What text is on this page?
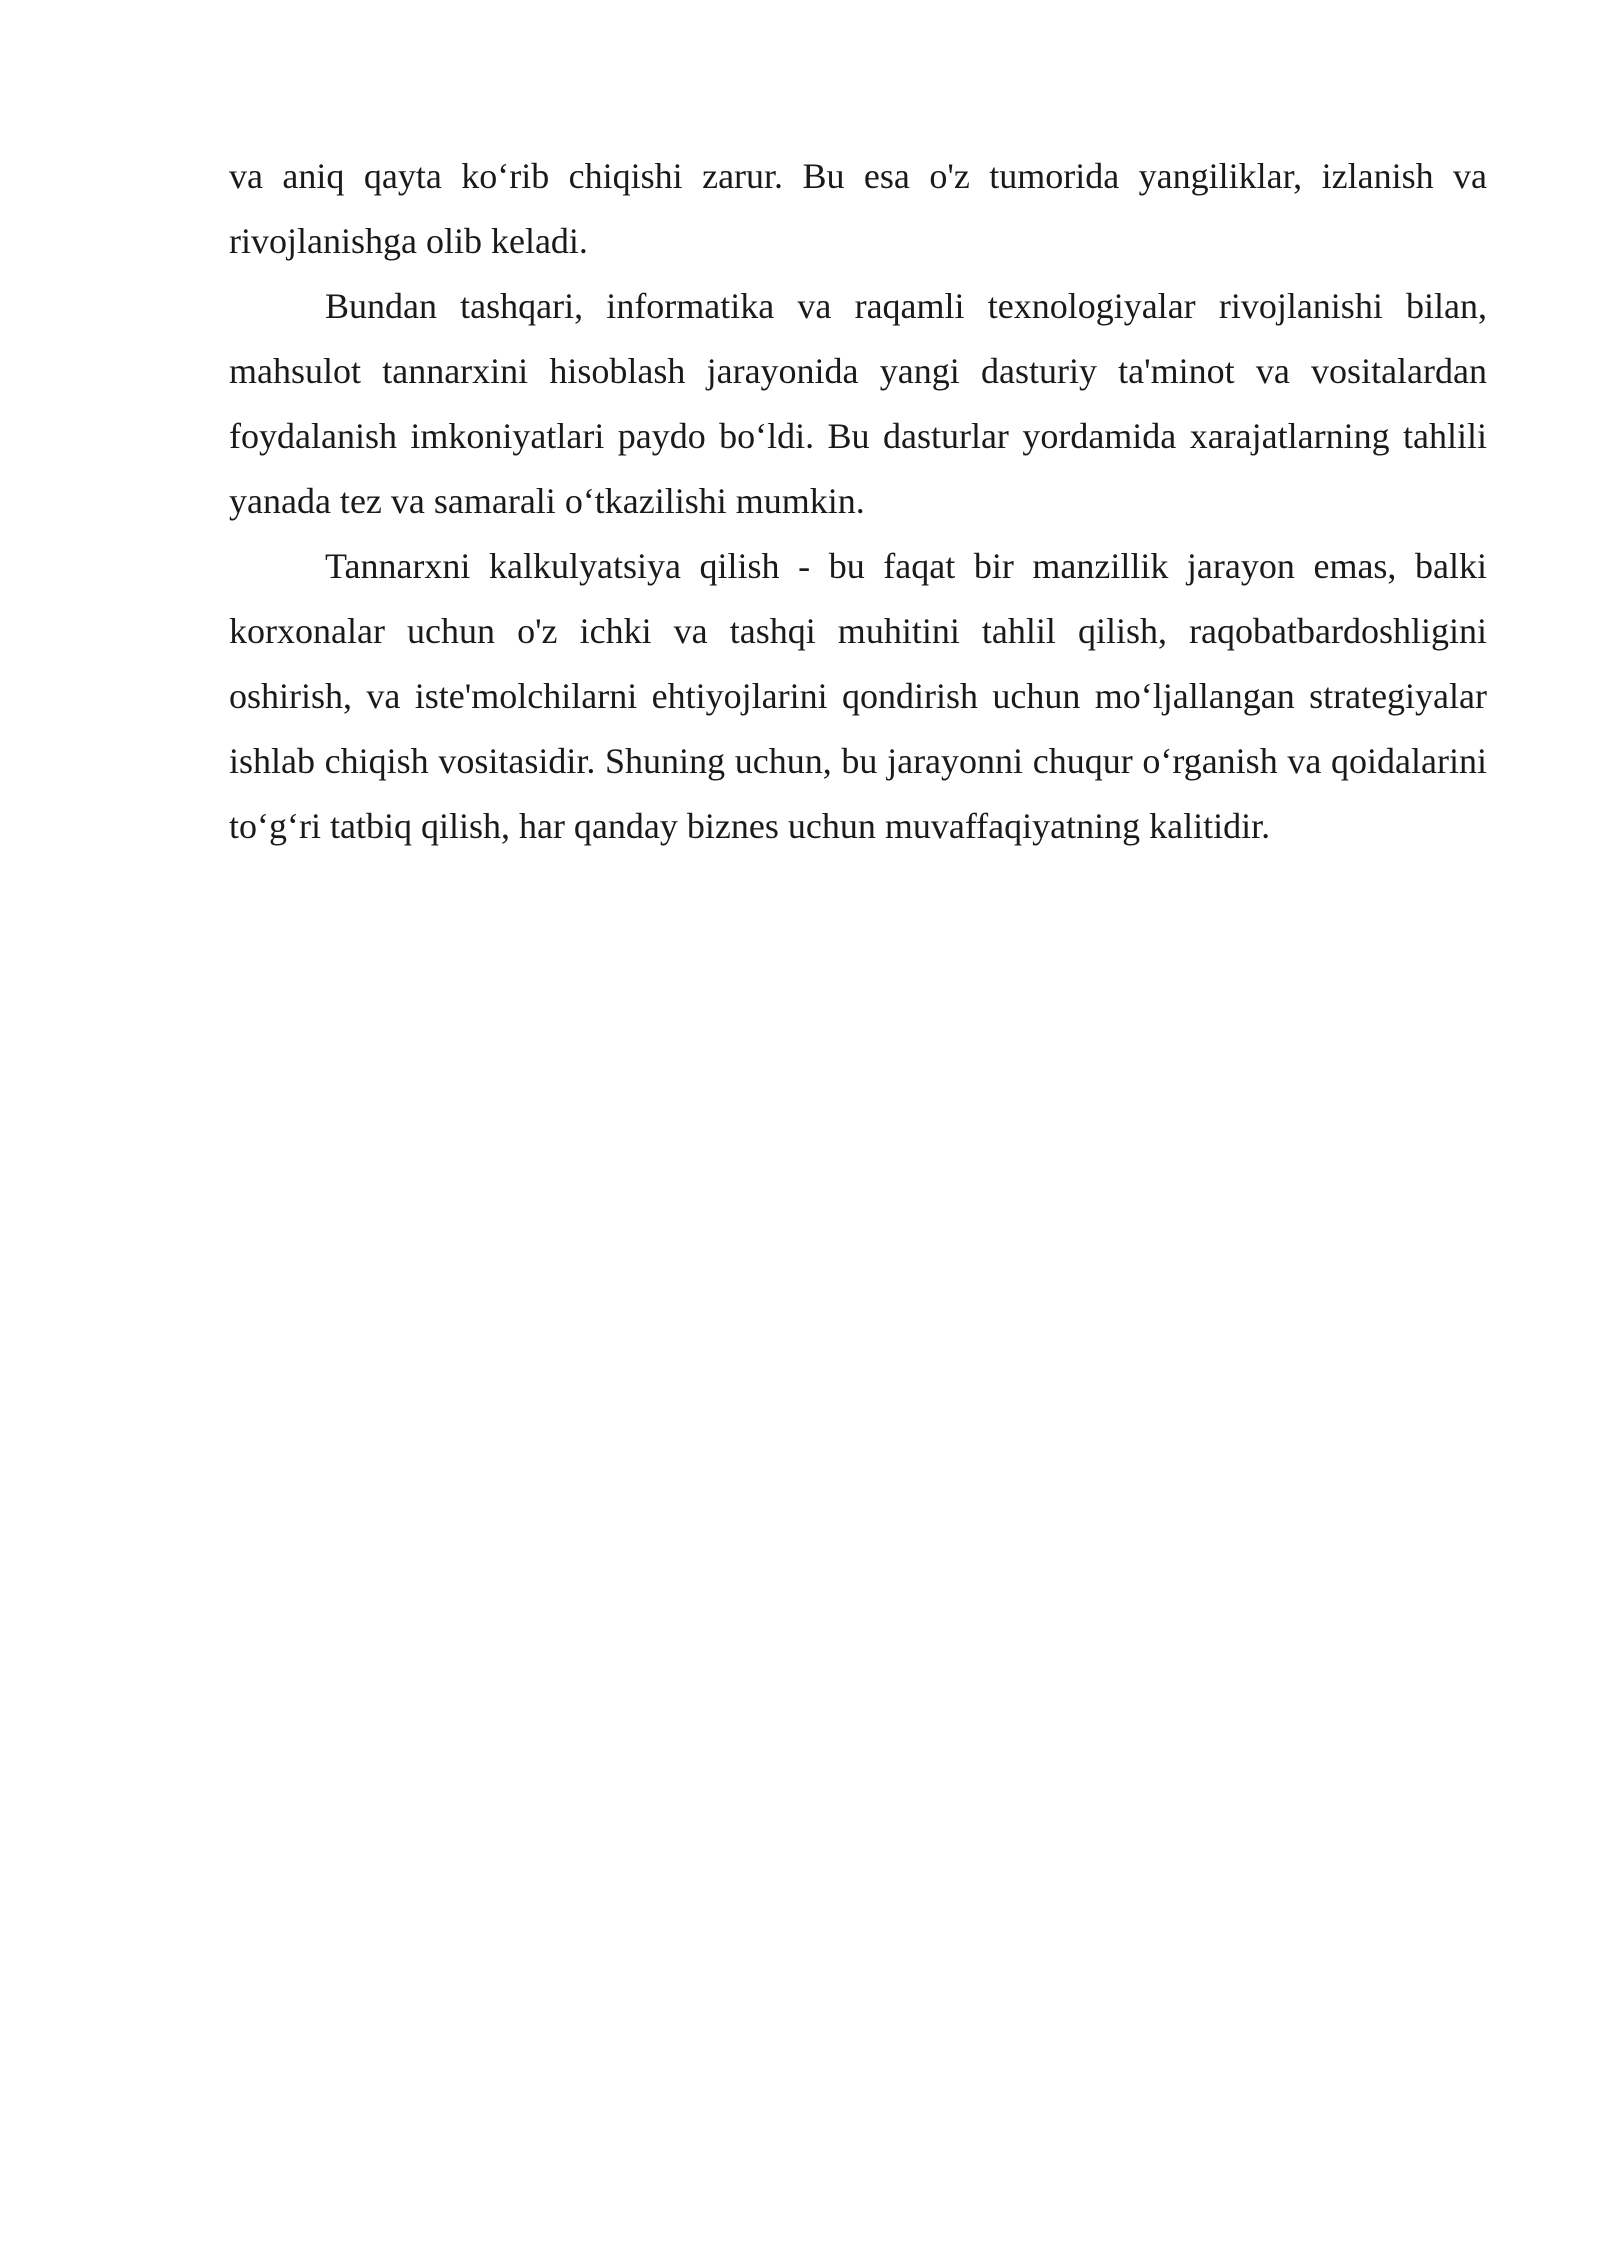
va aniq qayta ko‘rib chiqishi zarur. Bu esa o'z tumorida yangiliklar, izlanish va rivojlanishga olib keladi.

Bundan tashqari, informatika va raqamli texnologiyalar rivojlanishi bilan, mahsulot tannarxini hisoblash jarayonida yangi dasturiy ta'minot va vositalardan foydalanish imkoniyatlari paydo bo‘ldi. Bu dasturlar yordamida xarajatlarning tahlili yanada tez va samarali o‘tkazilishi mumkin.

Tannarxni kalkulyatsiya qilish - bu faqat bir manzillik jarayon emas, balki korxonalar uchun o'z ichki va tashqi muhitini tahlil qilish, raqobatbardoshligini oshirish, va iste'molchilarni ehtiyojlarini qondirish uchun mo‘ljallangan strategiyalar ishlab chiqish vositasidir. Shuning uchun, bu jarayonni chuqur o‘rganish va qoidalarini to‘g‘ri tatbiq qilish, har qanday biznes uchun muvaffaqiyatning kalitidir.
